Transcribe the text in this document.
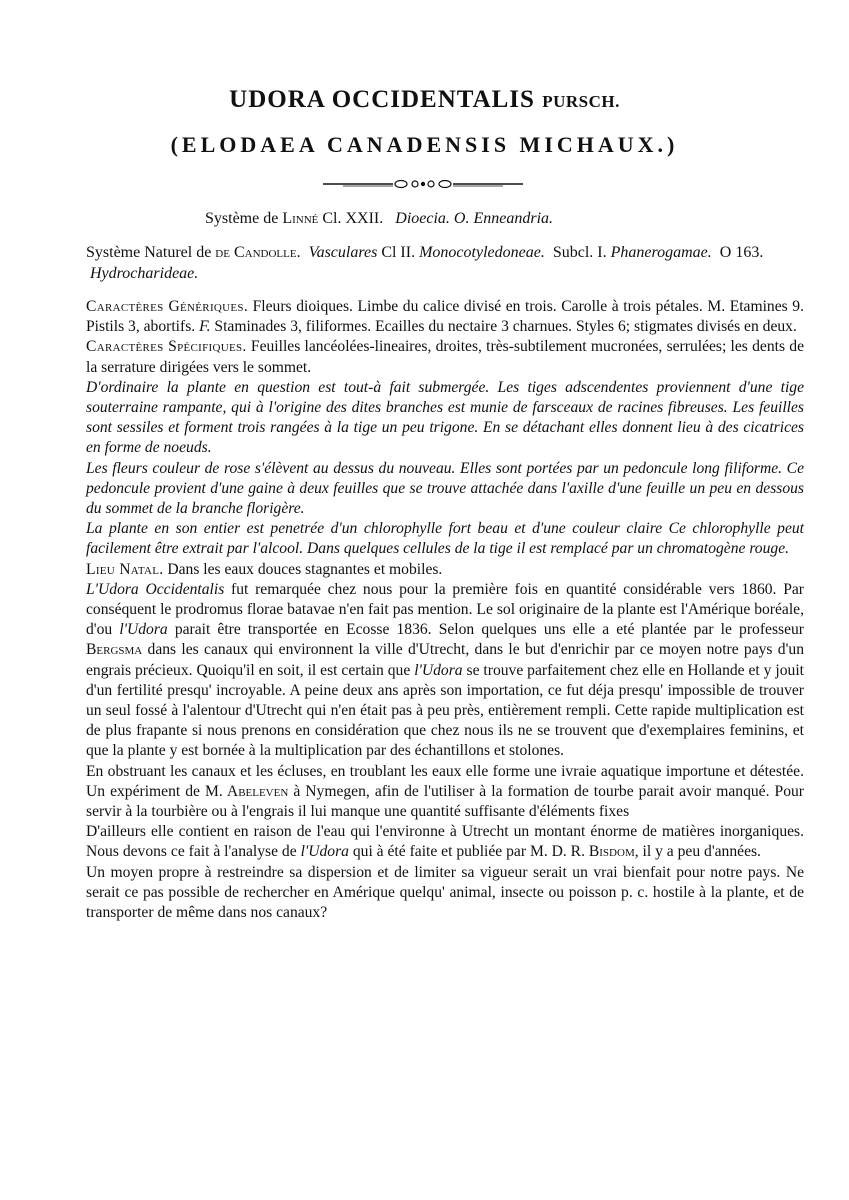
UDORA OCCIDENTALIS PURSCH.
(ELODAEA CANADENSIS MICHAUX.)
Système de Linné Cl. XXII. Dioecia. O. Enneandria.
Système Naturel de de Candolle. Vasculares Cl II. Monocotyledoneae. Subcl. I. Phanerogamae. O 163.  Hydrocharideae.

Caractères Génériques. Fleurs dioiques. Limbe du calice divisé en trois. Carolle à trois pétales. M. Etamines 9. Pistils 3, abortifs. F. Staminades 3, filiformes. Ecailles du nectaire 3 charnues. Styles 6; stigmates divisés en deux.

Caractères Spécifiques. Feuilles lancéolées-lineaires, droites, très-subtilement mucronées, serrulées; les dents de la serrature dirigées vers le sommet.

D'ordinaire la plante en question est tout-à fait submergée. Les tiges adscendentes proviennent d'une tige souterraine rampante, qui à l'origine des dites branches est munie de farsceaux de racines fibreuses. Les feuilles sont sessiles et forment trois rangées à la tige un peu trigone. En se détachant elles donnent lieu à des cicatrices en forme de noeuds.

Les fleurs couleur de rose s'élèvent au dessus du nouveau. Elles sont portées par un pedoncule long filiforme. Ce pedoncule provient d'une gaine à deux feuilles que se trouve attachée dans l'axille d'une feuille un peu en dessous du sommet de la branche florigère.

La plante en son entier est penetrée d'un chlorophylle fort beau et d'une couleur claire Ce chlorophylle peut facilement être extrait par l'alcool. Dans quelques cellules de la tige il est remplacé par un chromatogène rouge.

Lieu Natal. Dans les eaux douces stagnantes et mobiles.

L'Udora Occidentalis fut remarquée chez nous pour la première fois en quantité considérable vers 1860. Par conséquent le prodromus florae batavae n'en fait pas mention. Le sol originaire de la plante est l'Amérique boréale, d'ou l'Udora parait être transportée en Ecosse 1836. Selon quelques uns elle a eté plantée par le professeur Bergsma dans les canaux qui environnent la ville d'Utrecht, dans le but d'enrichir par ce moyen notre pays d'un engrais précieux. Quoiqu'il en soit, il est certain que l'Udora se trouve parfaitement chez elle en Hollande et y jouit d'un fertilité presqu' incroyable. A peine deux ans après son importation, ce fut déja presqu' impossible de trouver un seul fossé à l'alentour d'Utrecht qui n'en était pas à peu près, entièrement rempli. Cette rapide multiplication est de plus frapante si nous prenons en considération que chez nous ils ne se trouvent que d'exemplaires feminins, et que la plante y est bornée à la multiplication par des échantillons et stolones.

En obstruant les canaux et les écluses, en troublant les eaux elle forme une ivraie aquatique importune et détestée. Un expériment de M. Abeleven à Nymegen, afin de l'utiliser à la formation de tourbe parait avoir manqué. Pour servir à la tourbière ou à l'engrais il lui manque une quantité suffisante d'éléments fixes

D'ailleurs elle contient en raison de l'eau qui l'environne à Utrecht un montant énorme de matières inorganiques. Nous devons ce fait à l'analyse de l'Udora qui à été faite et publiée par M. D. R. Bisdom, il y a peu d'années.

Un moyen propre à restreindre sa dispersion et de limiter sa vigueur serait un vrai bienfait pour notre pays. Ne serait ce pas possible de rechercher en Amérique quelqu' animal, insecte ou poisson p. c. hostile à la plante, et de transporter de même dans nos canaux?
